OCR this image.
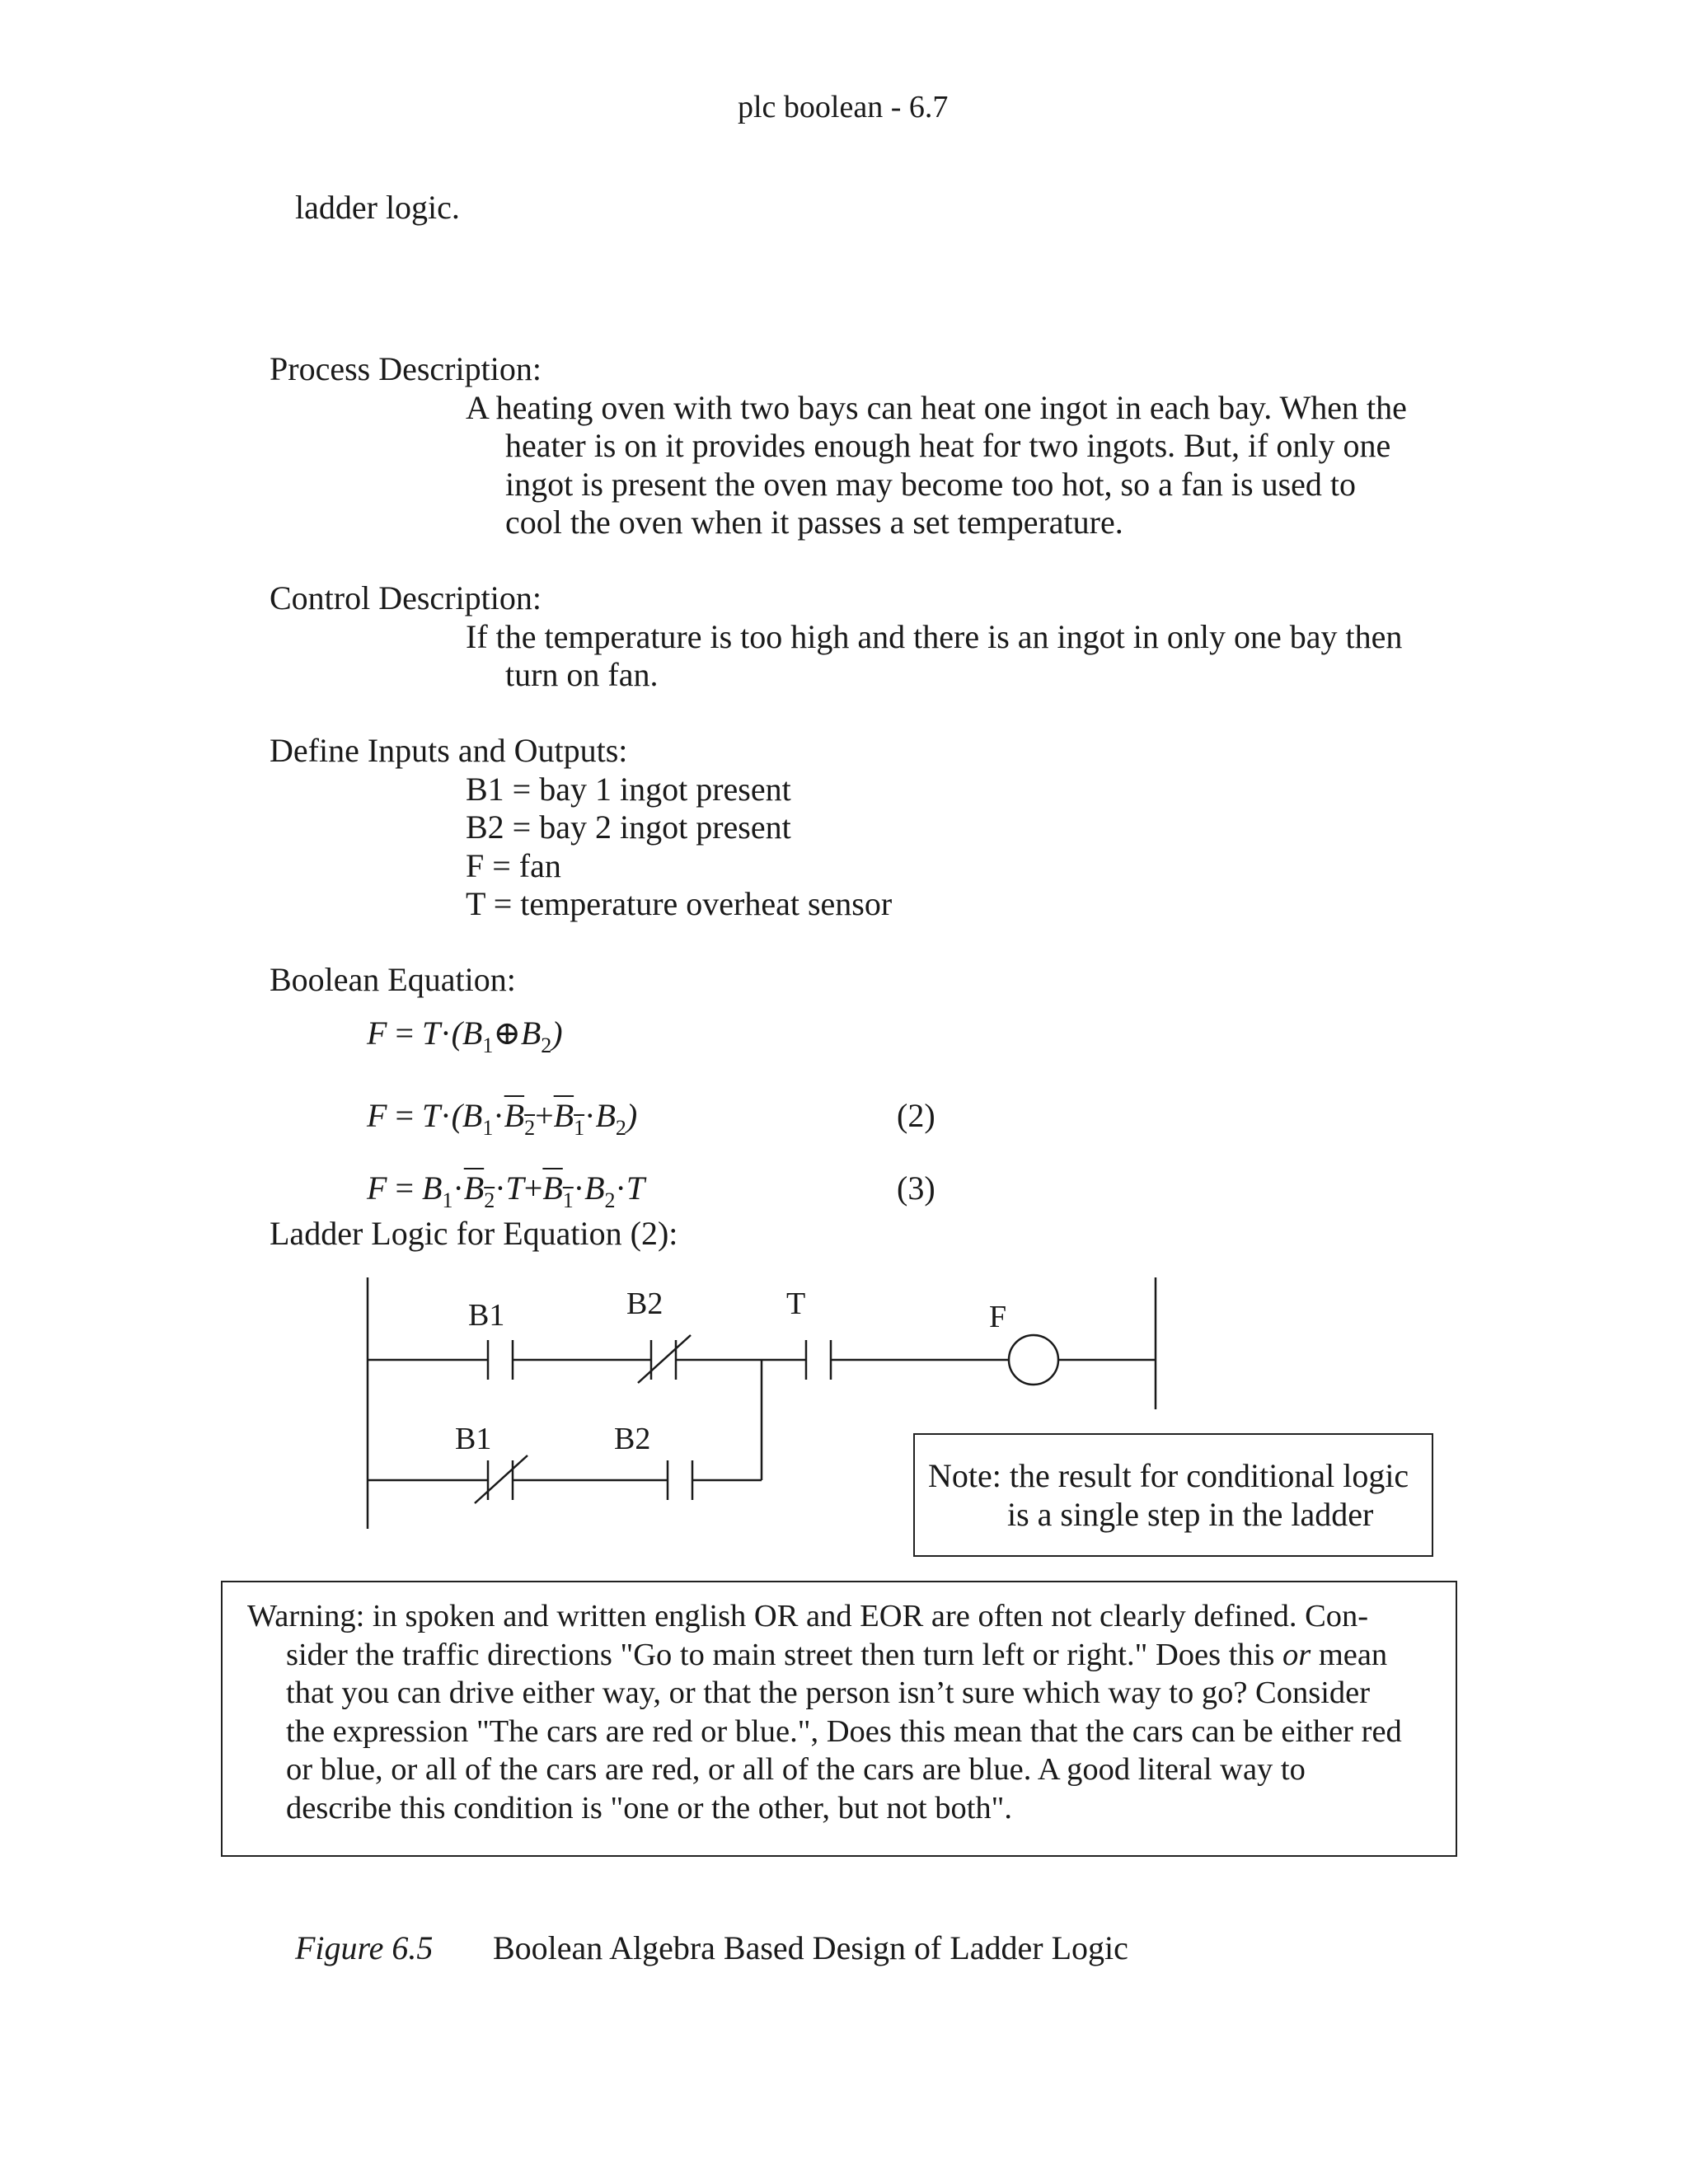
plc boolean - 6.7
ladder logic.
Process Description:
A heating oven with two bays can heat one ingot in each bay. When the
heater is on it provides enough heat for two ingots. But, if only one
ingot is present the oven may become too hot, so a fan is used to
cool the oven when it passes a set temperature.
Control Description:
If the temperature is too high and there is an ingot in only one bay then
turn on fan.
Define Inputs and Outputs:
B1 = bay 1 ingot present
B2 = bay 2 ingot present
F = fan
T = temperature overheat sensor
Boolean Equation:
$F = T\cdot(B_1\oplus B_2)$
$F = T\cdot(B_1\cdot B_2+B_1\cdot B_2)$	(2)
$F = B_1\cdot B_2\cdot T+B_1\cdot B_2\cdot T$	(3)
Ladder Logic for Equation (2):
B1	B2	T	F
B1	B2
Note: the result for conditional logic
is a single step in the ladder
Warning: in spoken and written english OR and EOR are often not clearly defined. Con-
sider the traffic directions "Go to main street then turn left or right." Does this or mean
that you can drive either way, or that the person isn’t sure which way to go? Consider
the expression "The cars are red or blue.", Does this mean that the cars can be either red
or blue, or all of the cars are red, or all of the cars are blue. A good literal way to
describe this condition is "one or the other, but not both".
Figure 6.5 Boolean Algebra Based Design of Ladder Logic
